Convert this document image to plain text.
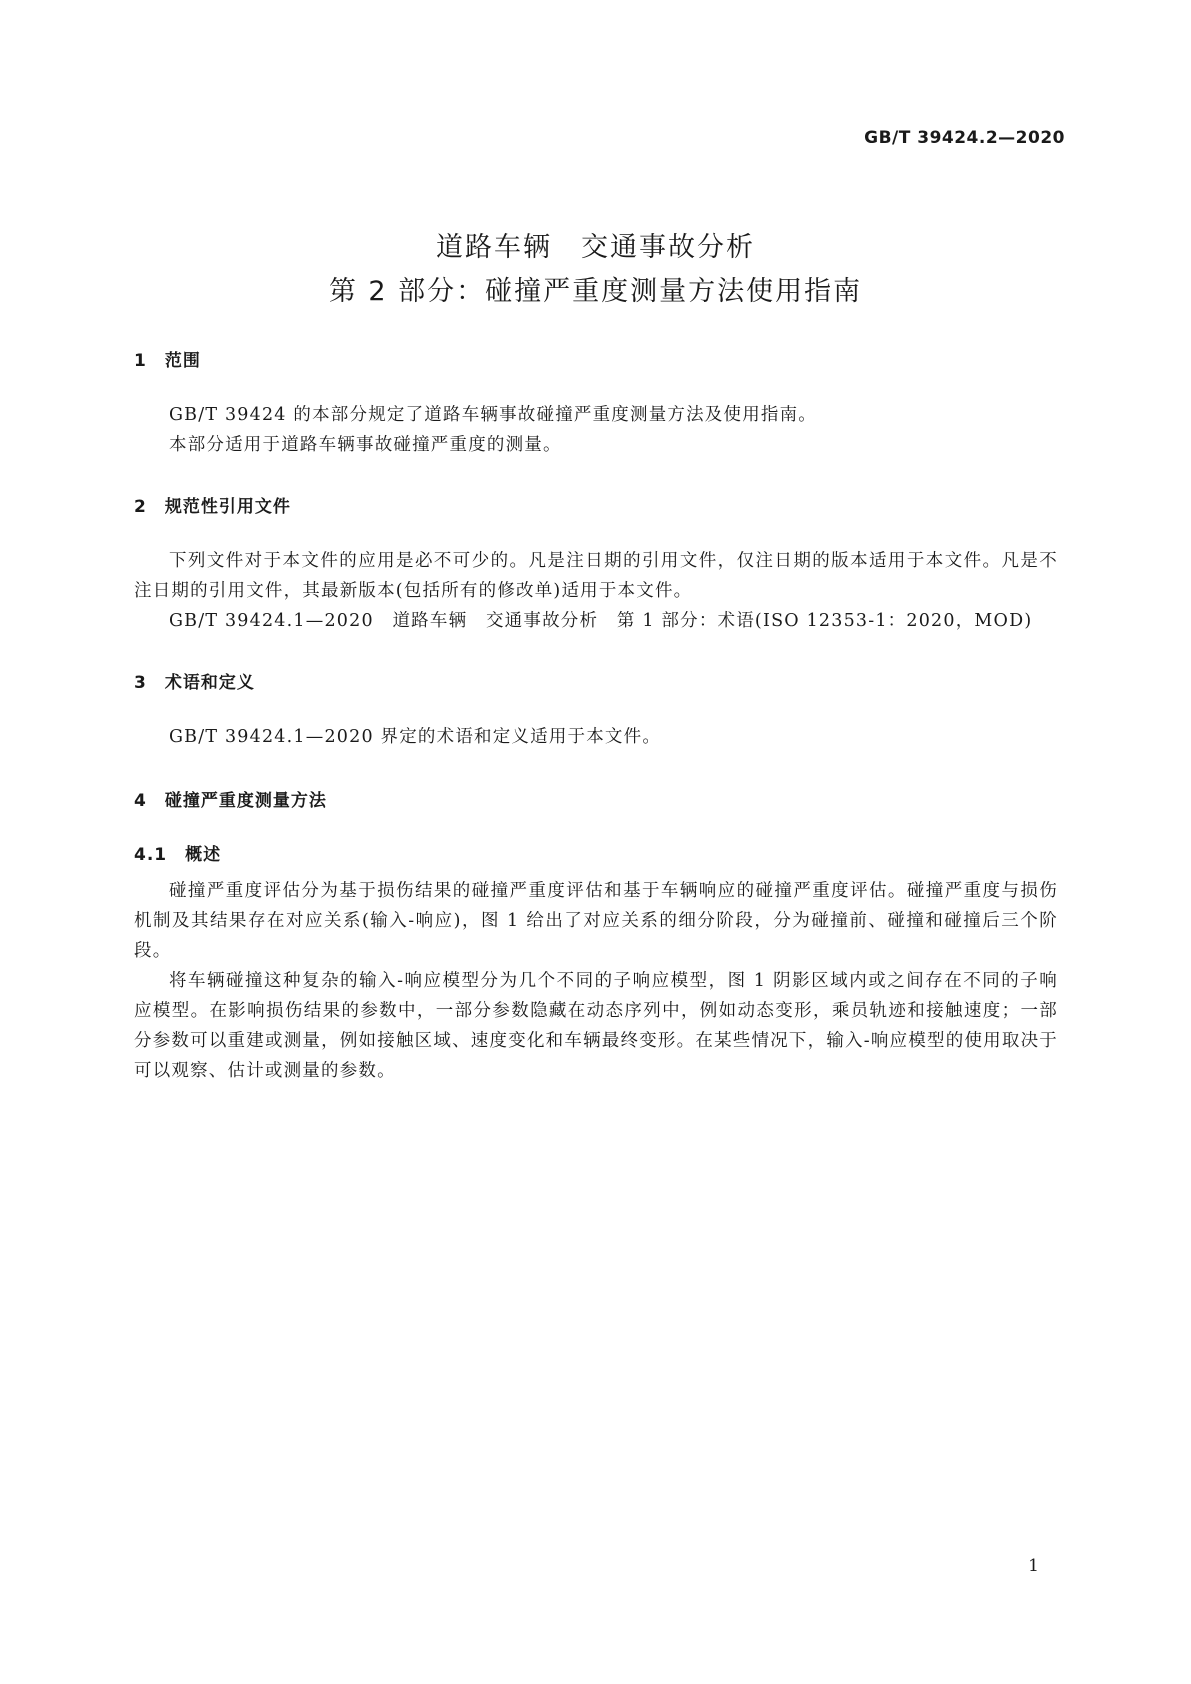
GB/T 39424.2—2020
道路车辆　交通事故分析
第 2 部分：碰撞严重度测量方法使用指南
1　范围

GB/T 39424 的本部分规定了道路车辆事故碰撞严重度测量方法及使用指南。

本部分适用于道路车辆事故碰撞严重度的测量。

2　规范性引用文件

下列文件对于本文件的应用是必不可少的。凡是注日期的引用文件，仅注日期的版本适用于本文件。凡是不注日期的引用文件，其最新版本(包括所有的修改单)适用于本文件。

GB/T 39424.1—2020　道路车辆　交通事故分析　第 1 部分：术语(ISO 12353-1：2020，MOD)

3　术语和定义

GB/T 39424.1—2020 界定的术语和定义适用于本文件。

4　碰撞严重度测量方法
4.1　概述

碰撞严重度评估分为基于损伤结果的碰撞严重度评估和基于车辆响应的碰撞严重度评估。碰撞严重度与损伤机制及其结果存在对应关系(输入-响应)，图 1 给出了对应关系的细分阶段，分为碰撞前、碰撞和碰撞后三个阶段。

将车辆碰撞这种复杂的输入-响应模型分为几个不同的子响应模型，图 1 阴影区域内或之间存在不同的子响应模型。在影响损伤结果的参数中，一部分参数隐藏在动态序列中，例如动态变形，乘员轨迹和接触速度；一部分参数可以重建或测量，例如接触区域、速度变化和车辆最终变形。在某些情况下，输入-响应模型的使用取决于可以观察、估计或测量的参数。

1
